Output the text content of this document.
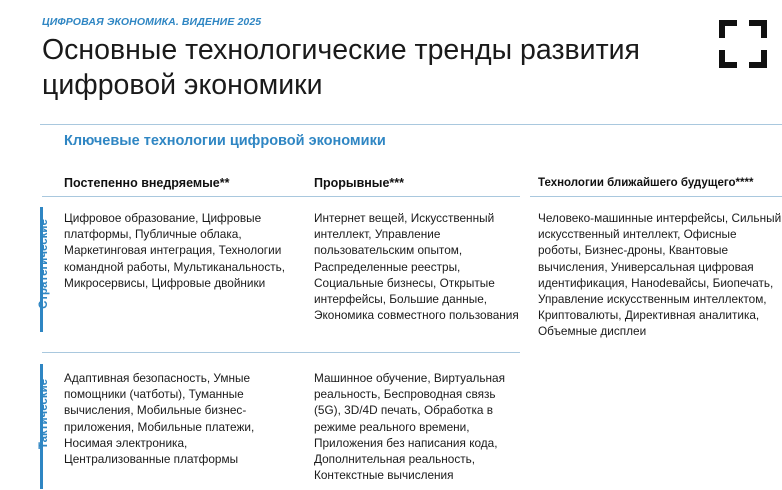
ЦИФРОВАЯ ЭКОНОМИКА. ВИДЕНИЕ 2025
Основные технологические тренды развития цифровой экономики
Ключевые технологии цифровой экономики
Постепенно внедряемые**	Прорывные***	Технологии ближайшего будущего****
Стратегические
Цифровое образование, Цифровые платформы, Публичные облака, Маркетинговая интеграция, Технологии командной работы, Мультиканальность, Микросервисы, Цифровые двойники
Интернет вещей, Искусственный интеллект, Управление пользовательским опытом, Распределенные реестры, Социальные бизнесы, Открытые интерфейсы, Большие данные, Экономика совместного пользования
Тактические
Адаптивная безопасность, Умные помощники (чатботы), Туманные вычисления, Мобильные бизнес-приложения, Мобильные платежи, Носимая электроника, Централизованные платформы
Машинное обучение, Виртуальная реальность, Беспроводная связь (5G), 3D/4D печать, Обработка в режиме реального времени, Приложения без написания кода, Дополнительная реальность, Контекстные вычисления
Человеко-машинные интерфейсы, Сильный искусственный интеллект, Офисные роботы, Бизнес-дроны, Квантовые вычисления, Универсальная цифровая идентификация, Наноdевайсы, Биопечать, Управление искусственным интеллектом, Криптовалюты, Директивная аналитика, Объемные дисплеи
